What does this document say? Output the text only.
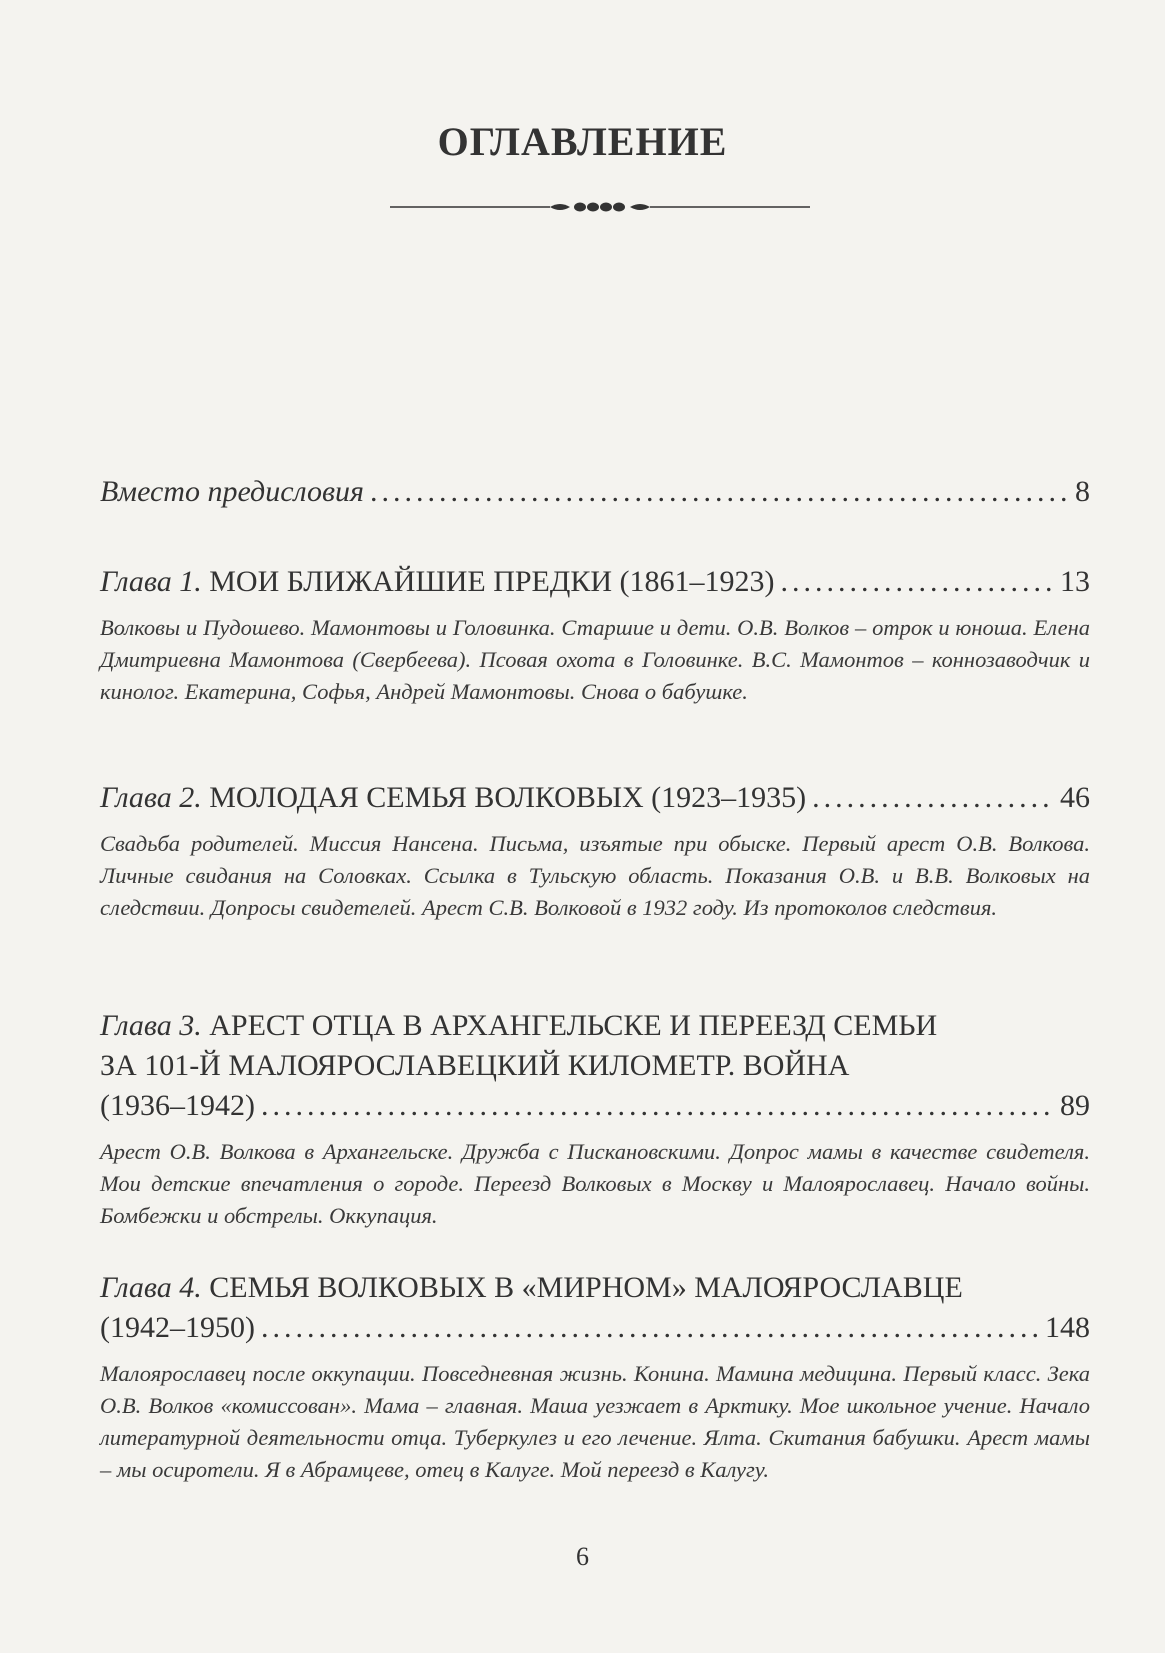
ОГЛАВЛЕНИЕ
Вместо предисловия .....	8
Глава 1.
МОИ БЛИЖАЙШИЕ ПРЕДКИ (1861–1923) .....	13
Волковы и Пудошево. Мамонтовы и Головинка. Старшие и дети. О.В. Волков – отрок и юноша. Елена Дмитриевна Мамонтова (Свербеева). Псовая охота в Головинке. В.С. Мамонтов – коннозаводчик и кинолог. Екатерина, Софья, Андрей Мамонтовы. Снова о бабушке.
Глава 2.
МОЛОДАЯ СЕМЬЯ ВОЛКОВЫХ (1923–1935) .....	46
Свадьба родителей. Миссия Нансена. Письма, изъятые при обыске. Первый арест О.В. Волкова. Личные свидания на Соловках. Ссылка в Тульскую область. Показания О.В. и В.В. Волковых на следствии. Допросы свидетелей. Арест С.В. Волковой в 1932 году. Из протоколов следствия.
Глава 3. АРЕСТ ОТЦА В АРХАНГЕЛЬСКЕ И ПЕРЕЕЗД СЕМЬИ
ЗА 101-Й МАЛОЯРОСЛАВЕЦКИЙ КИЛОМЕТР. ВОЙНА
(1936–1942) .....	89
Арест О.В. Волкова в Архангельске. Дружба с Пискановскими. Допрос мамы в качестве свидетеля. Мои детские впечатления о городе. Переезд Волковых в Москву и Малоярославец. Начало войны. Бомбежки и обстрелы. Оккупация.
Глава 4. СЕМЬЯ ВОЛКОВЫХ В «МИРНОМ» МАЛОЯРОСЛАВЦЕ
(1942–1950) .....	148
Малоярославец после оккупации. Повседневная жизнь. Конина. Мамина медицина. Первый класс. Зека О.В. Волков «комиссован». Мама – главная. Маша уезжает в Арктику. Мое школьное учение. Начало литературной деятельности отца. Туберкулез и его лечение. Ялта. Скитания бабушки. Арест мамы – мы осиротели. Я в Абрамцеве, отец в Калуге. Мой переезд в Калугу.
6
